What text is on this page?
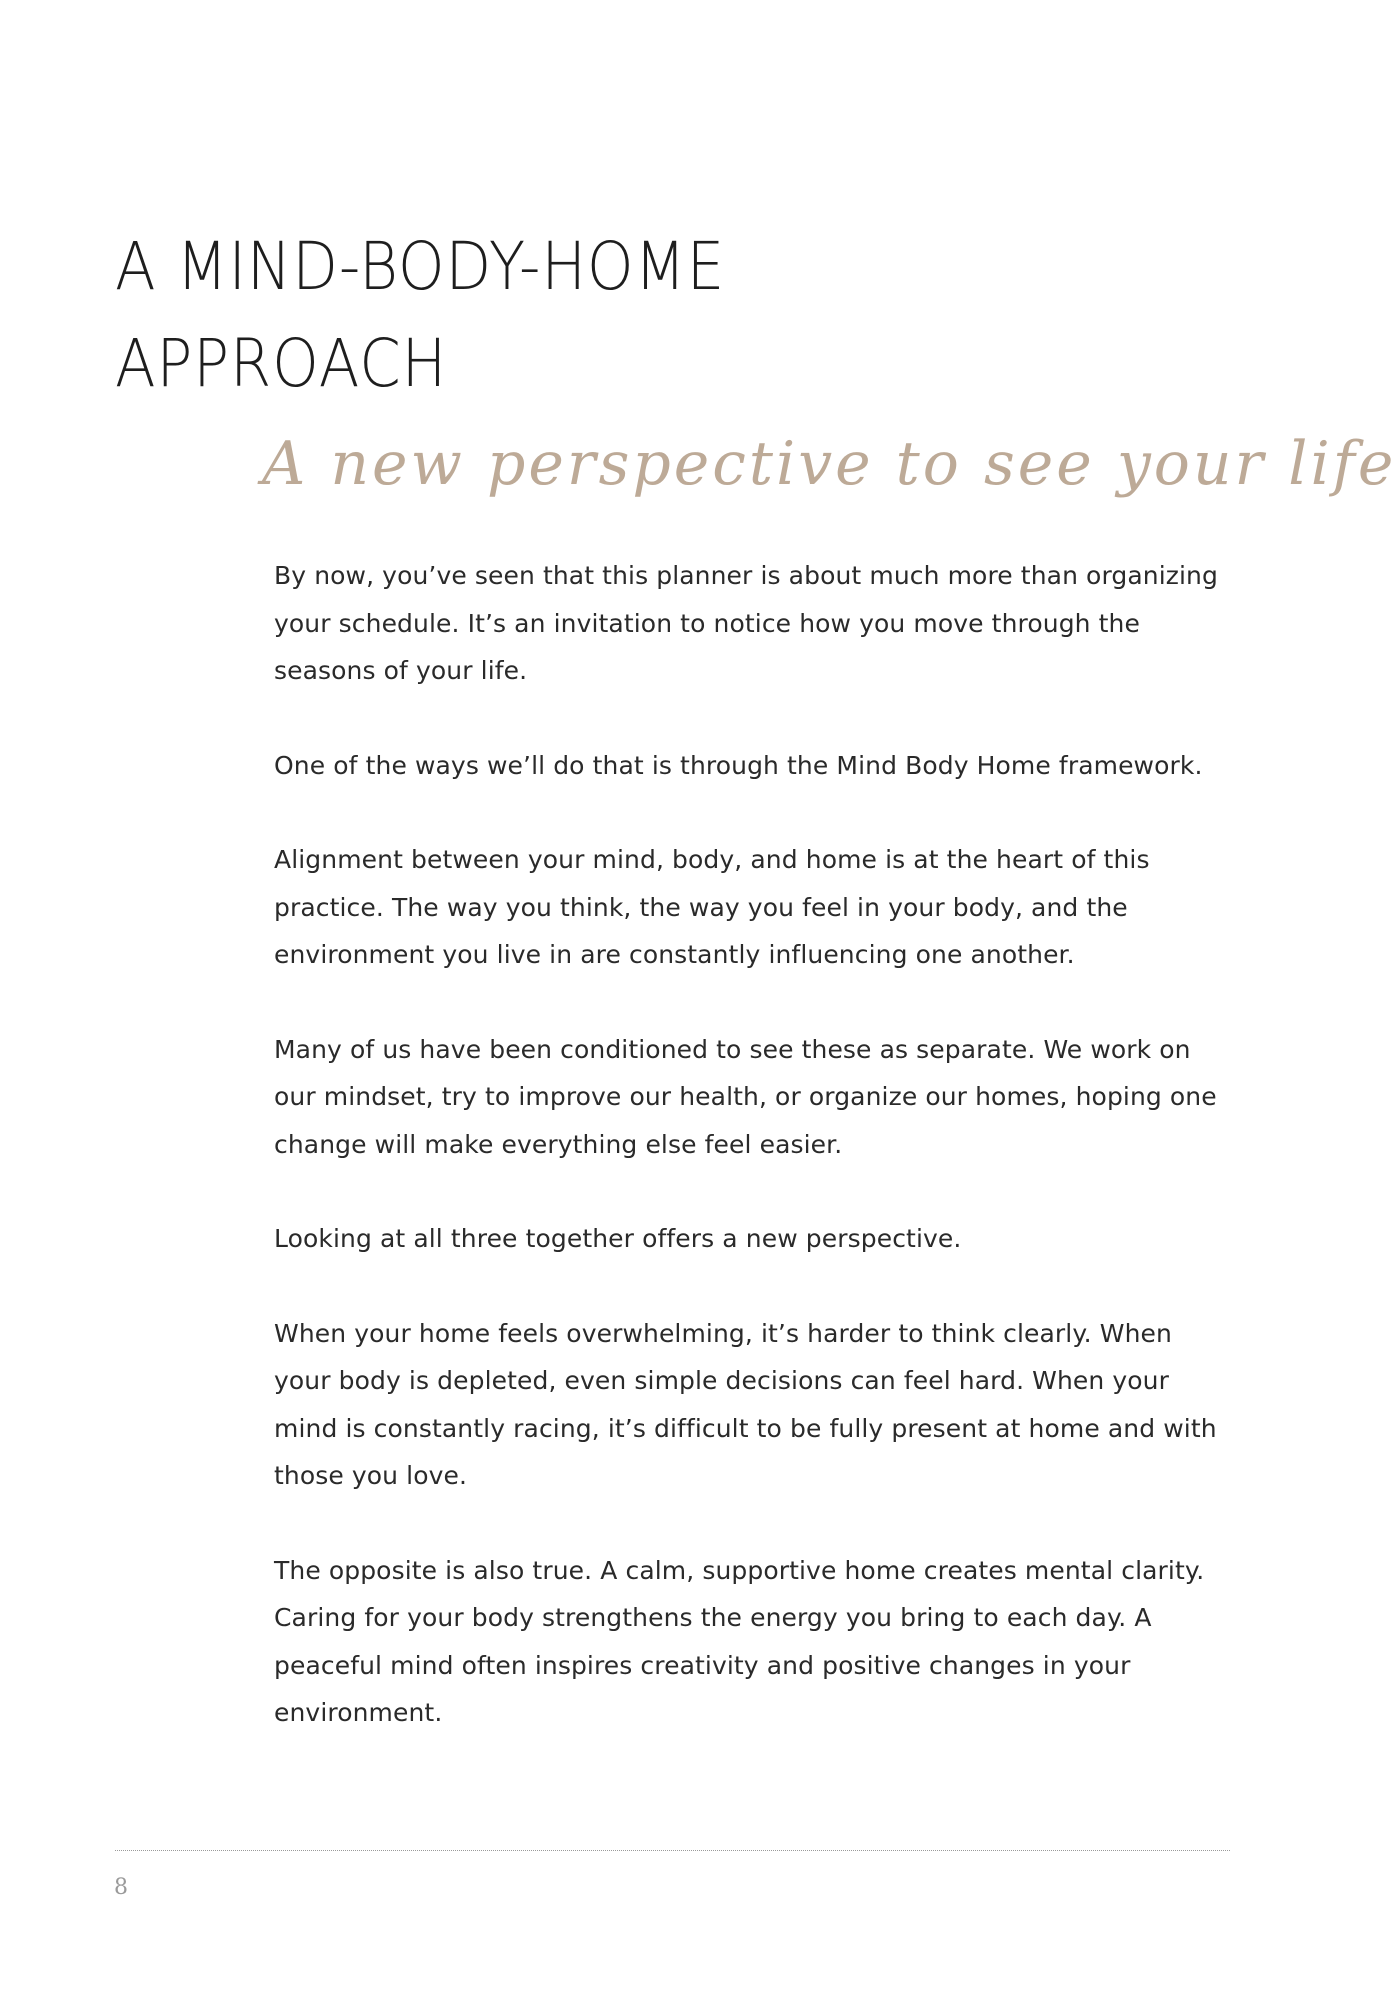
A MIND-BODY-HOME
APPROACH
A new perspective to see your life

By now, you’ve seen that this planner is about much more than organizing your schedule. It’s an invitation to notice how you move through the seasons of your life.

One of the ways we’ll do that is through the Mind Body Home framework.

Alignment between your mind, body, and home is at the heart of this practice. The way you think, the way you feel in your body, and the environment you live in are constantly influencing one another.

Many of us have been conditioned to see these as separate. We work on our mindset, try to improve our health, or organize our homes, hoping one change will make everything else feel easier.

Looking at all three together offers a new perspective.

When your home feels overwhelming, it’s harder to think clearly. When your body is depleted, even simple decisions can feel hard. When your mind is constantly racing, it’s difficult to be fully present at home and with those you love.

The opposite is also true. A calm, supportive home creates mental clarity. Caring for your body strengthens the energy you bring to each day. A peaceful mind often inspires creativity and positive changes in your environment.

8
